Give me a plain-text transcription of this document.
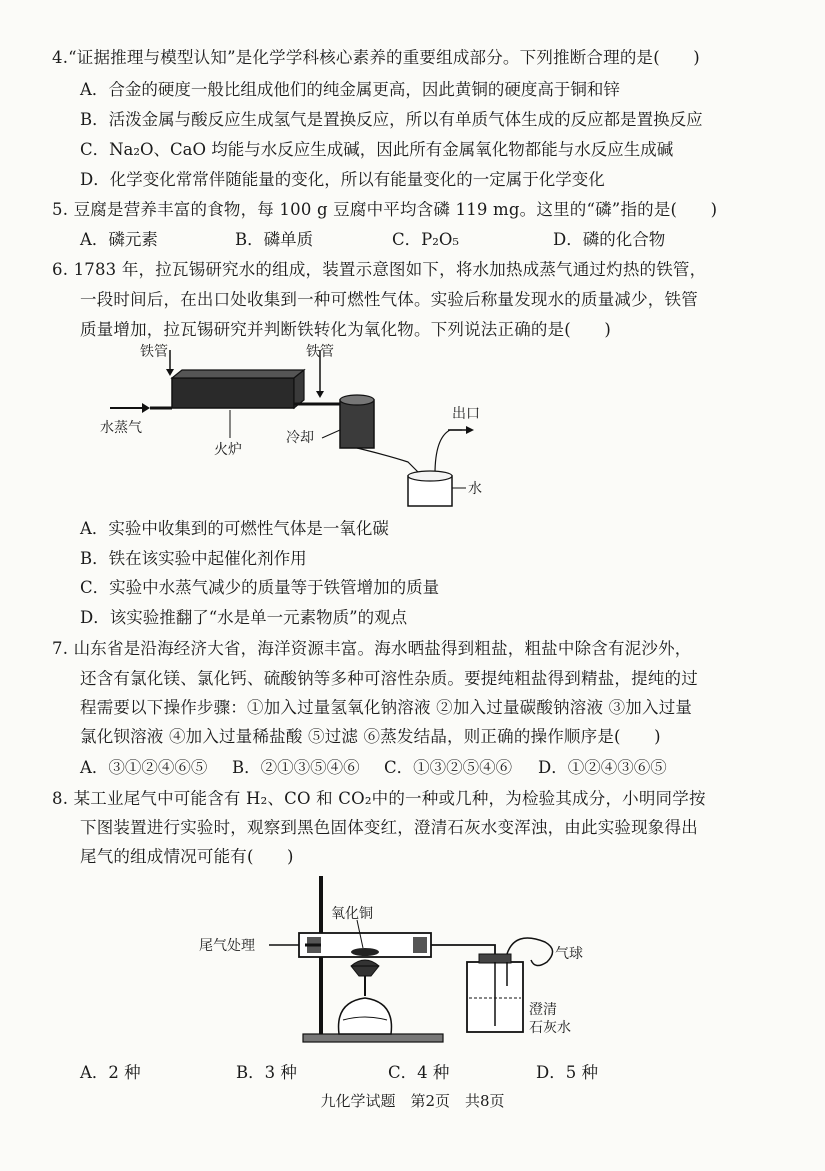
4.“证据推理与模型认知”是化学学科核心素养的重要组成部分。下列推断合理的是(　　)
A．合金的硬度一般比组成他们的纯金属更高，因此黄铜的硬度高于铜和锌
B．活泼金属与酸反应生成氢气是置换反应，所以有单质气体生成的反应都是置换反应
C．Na₂O、CaO 均能与水反应生成碱，因此所有金属氧化物都能与水反应生成碱
D．化学变化常常伴随能量的变化，所以有能量变化的一定属于化学变化
5. 豆腐是营养丰富的食物，每 100 g 豆腐中平均含磷 119 mg。这里的“磷”指的是(　　)
A．磷元素	B．磷单质	C．P₂O₅	D．磷的化合物
6. 1783 年，拉瓦锡研究水的组成，装置示意图如下，将水加热成蒸气通过灼热的铁管，
一段时间后，在出口处收集到一种可燃性气体。实验后称量发现水的质量减少，铁管
质量增加，拉瓦锡研究并判断铁转化为氧化物。下列说法正确的是(　　)
铁管	铁管
水蒸气
火炉
冷却
出口
水
A．实验中收集到的可燃性气体是一氧化碳
B．铁在该实验中起催化剂作用
C．实验中水蒸气减少的质量等于铁管增加的质量
D．该实验推翻了“水是单一元素物质”的观点
7. 山东省是沿海经济大省，海洋资源丰富。海水晒盐得到粗盐，粗盐中除含有泥沙外，
还含有氯化镁、氯化钙、硫酸钠等多种可溶性杂质。要提纯粗盐得到精盐，提纯的过
程需要以下操作步骤：①加入过量氢氧化钠溶液 ②加入过量碳酸钠溶液 ③加入过量
氯化钡溶液 ④加入过量稀盐酸 ⑤过滤 ⑥蒸发结晶，则正确的操作顺序是(　　)
A．③①②④⑥⑤ B．②①③⑤④⑥ C．①③②⑤④⑥ D．①②④③⑥⑤
8. 某工业尾气中可能含有 H₂、CO 和 CO₂中的一种或几种，为检验其成分，小明同学按
下图装置进行实验时，观察到黑色固体变红，澄清石灰水变浑浊，由此实验现象得出
尾气的组成情况可能有(　　)
氧化铜
尾气处理	气球
澄清
石灰水
A．2 种	B．3 种	C．4 种	D．5 种
九化学试题　第2页　共8页
